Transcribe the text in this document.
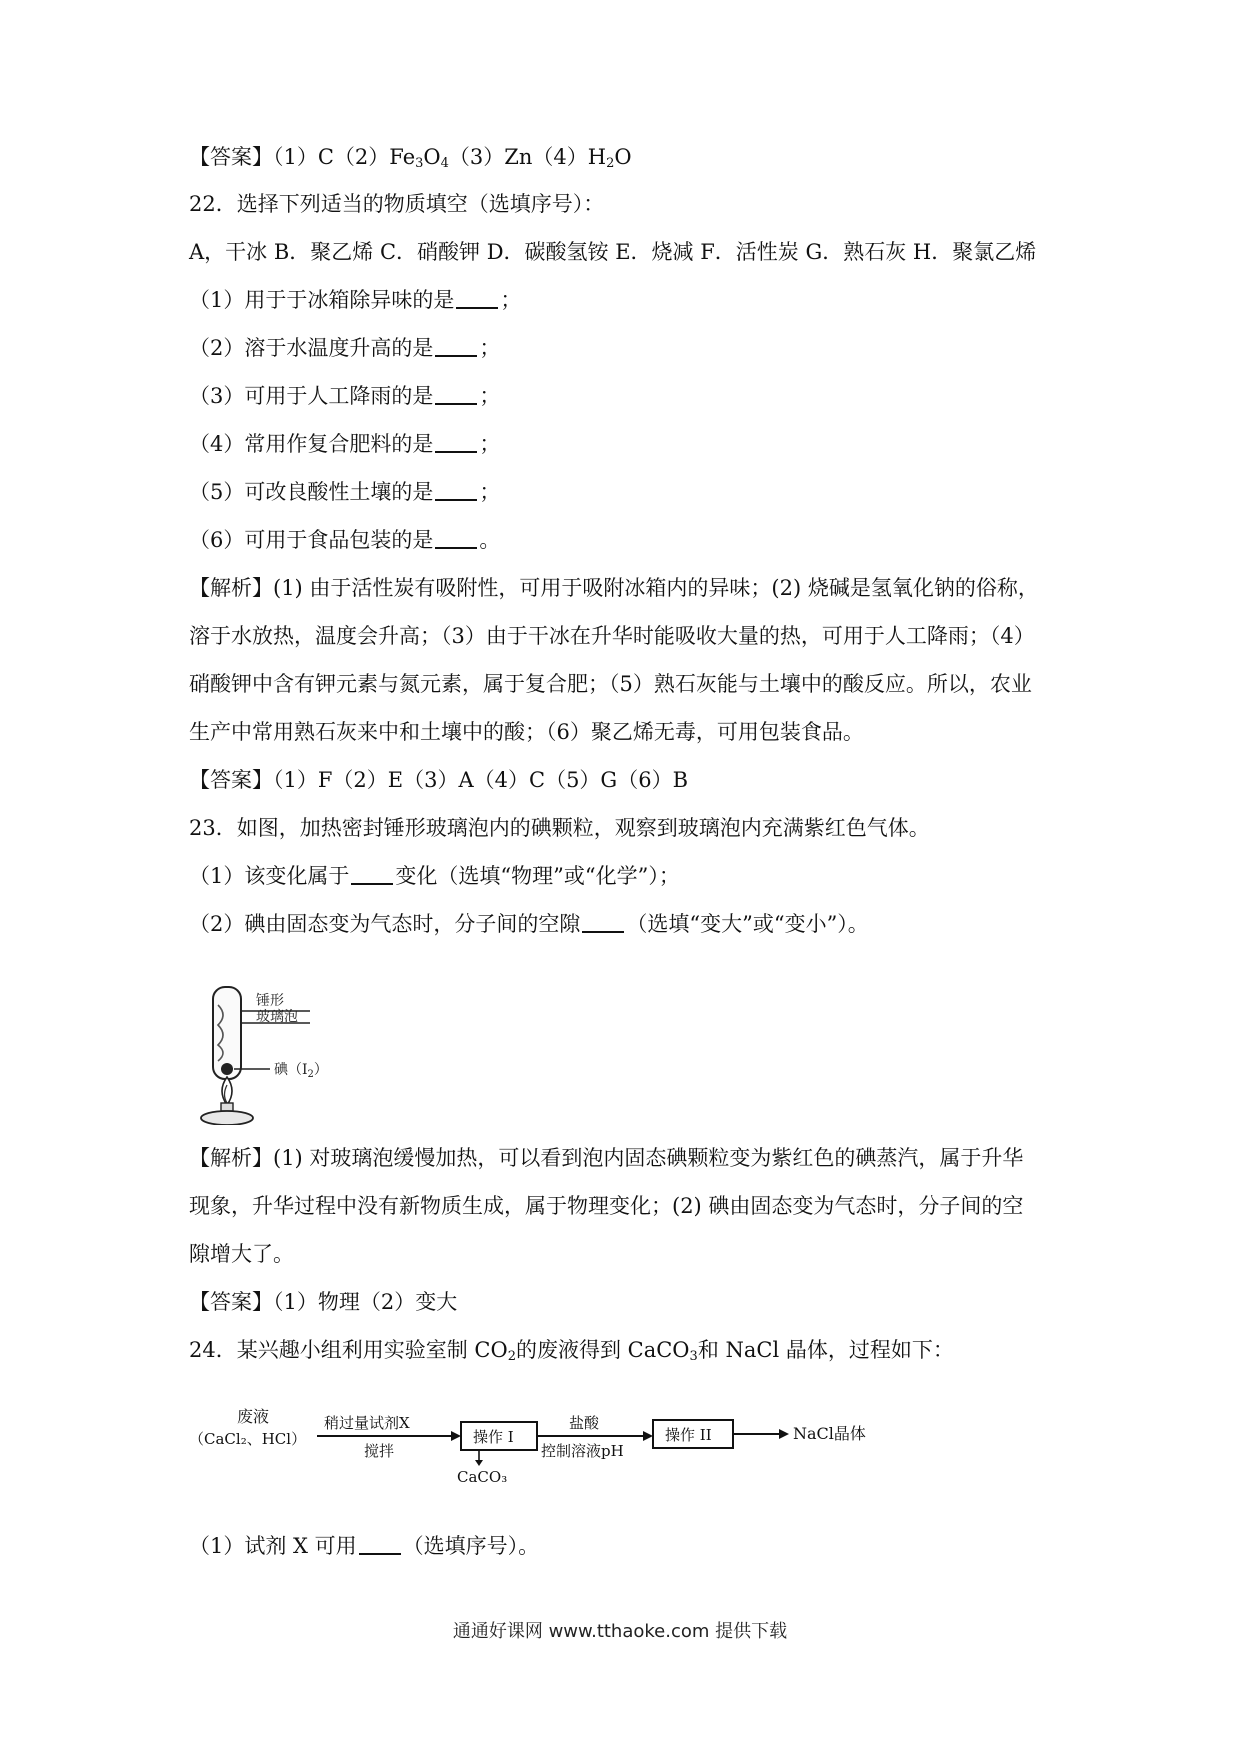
【答案】$(1)C(2)Fe_3O_4(3)Zn(4)H_2O$
22．选择下列适当的物质填空（选填序号）：
A，干冰 B．聚乙烯 C．硝酸钾 D．碳酸氢铵 E．烧减 F．活性炭 G．熟石灰 H．聚氯乙烯
（1）用于于冰箱除异味的是 ；
（2）溶于水温度升高的是 ；
（3）可用于人工降雨的是 ；
（4）常用作复合肥料的是 ；
（5）可改良酸性土壤的是 ；
（6）可用于食品包装的是 。
【解析】(1) 由于活性炭有吸附性，可用于吸附冰箱内的异味；(2) 烧碱是氢氧化钠的俗称，
溶于水放热，温度会升高；（3）由于干冰在升华时能吸收大量的热，可用于人工降雨；（4）
硝酸钾中含有钾元素与氮元素，属于复合肥；（5）熟石灰能与土壤中的酸反应。所以，农业
生产中常用熟石灰来中和土壤中的酸；（6）聚乙烯无毒，可用包装食品。
【答案】（1）F（2）E（3）A（4）C（5）G（6）B
23．如图，加热密封锤形玻璃泡内的碘颗粒，观察到玻璃泡内充满紫红色气体。
（1）该变化属于 变化（选填“物理”或“化学”）；
（2）碘由固态变为气态时，分子间的空隙 （选填“变大”或“变小”）。
锤形
玻璃泡
碘$(I_2)$
【解析】(1) 对玻璃泡缓慢加热，可以看到泡内固态碘颗粒变为紫红色的碘蒸汽，属于升华
现象，升华过程中没有新物质生成，属于物理变化；(2) 碘由固态变为气态时，分子间的空
隙增大了。
【答案】（1）物理（2）变大
24．某兴趣小组利用实验室制 $CO_2$的废液得到 CaCO$_3$和 NaCl 晶体，过程如下：
废液
（CaCl₂、HCl）
稍过量试剂X
搅拌
操作 I
CaCO₃
盐酸
控制溶液pH
操作 II	NaCl晶体
（1）试剂 X 可用 （选填序号）。
通通好课网 www.tthaoke.com 提供下载
